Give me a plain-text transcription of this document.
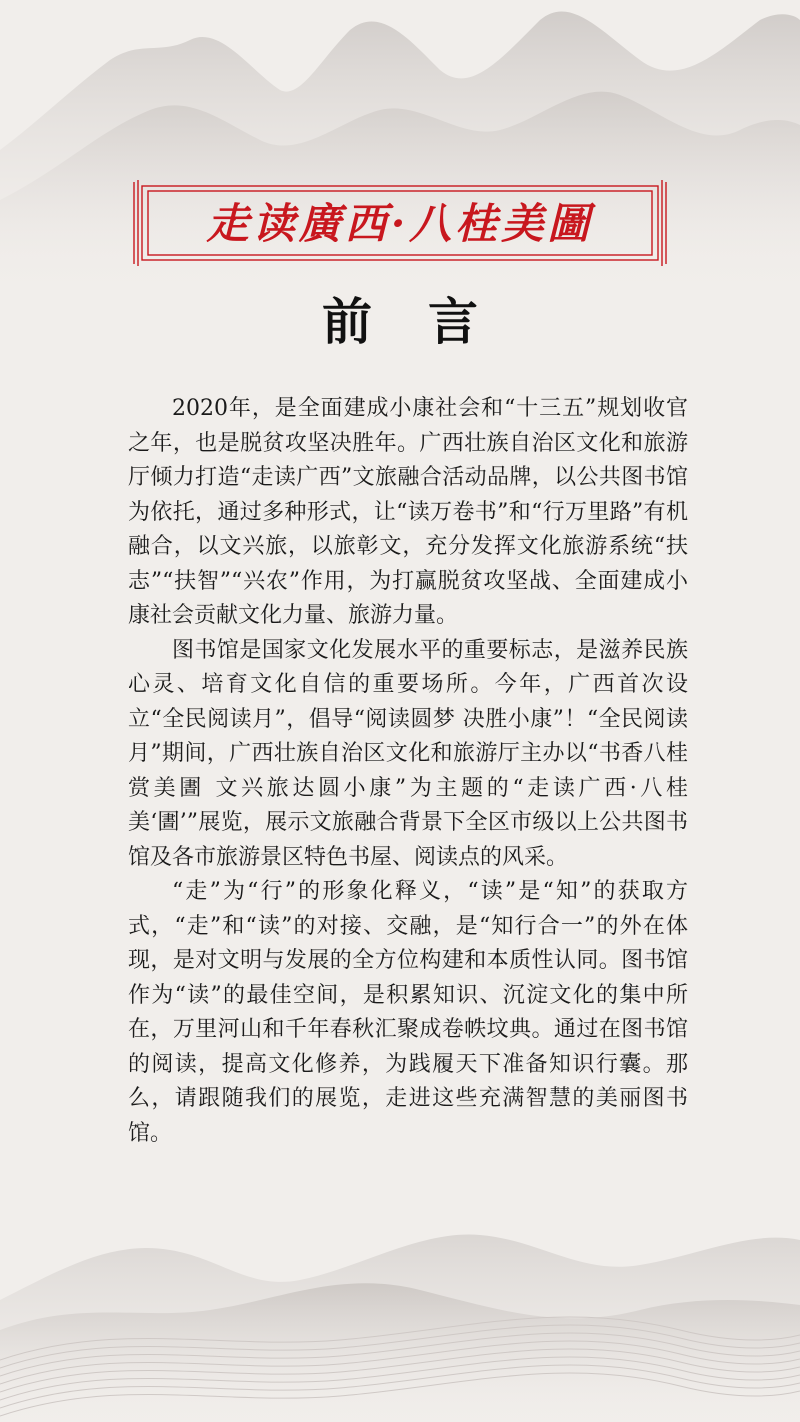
走读廣西·八桂美圖
前 言

2020年，是全面建成小康社会和“十三五”规划收官之年，也是脱贫攻坚决胜年。广西壮族自治区文化和旅游厅倾力打造“走读广西”文旅融合活动品牌，以公共图书馆为依托，通过多种形式，让“读万卷书”和“行万里路”有机融合，以文兴旅，以旅彰文，充分发挥文化旅游系统“扶志”“扶智”“兴农”作用，为打赢脱贫攻坚战、全面建成小康社会贡献文化力量、旅游力量。

图书馆是国家文化发展水平的重要标志，是滋养民族心灵、培育文化自信的重要场所。今年，广西首次设立“全民阅读月”，倡导“阅读圆梦 决胜小康”！“全民阅读月”期间，广西壮族自治区文化和旅游厅主办以“书香八桂赏美圕 文兴旅达圆小康”为主题的“走读广西·八桂美‘圕’”展览，展示文旅融合背景下全区市级以上公共图书馆及各市旅游景区特色书屋、阅读点的风采。

“走”为“行”的形象化释义，“读”是“知”的获取方式，“走”和“读”的对接、交融，是“知行合一”的外在体现，是对文明与发展的全方位构建和本质性认同。图书馆作为“读”的最佳空间，是积累知识、沉淀文化的集中所在，万里河山和千年春秋汇聚成卷帙坟典。通过在图书馆的阅读，提高文化修养，为践履天下准备知识行囊。那么，请跟随我们的展览，走进这些充满智慧的美丽图书馆。
